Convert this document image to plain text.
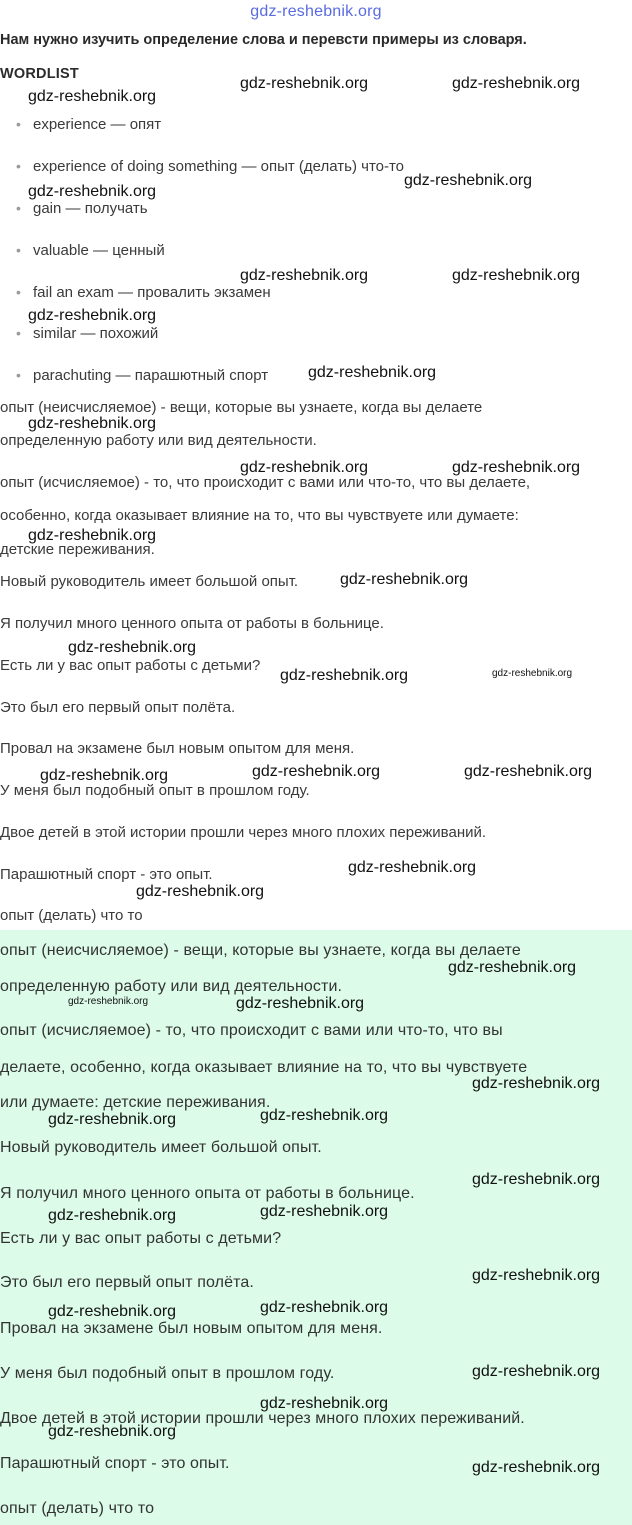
gdz-reshebnik.org
Нам нужно изучить определение слова и перевсти примеры из словаря.
WORDLIST
• experience — опят
• experience of doing something — опыт (делать) что-то
• gain — получать
• valuable — ценный
• fail an exam — провалить экзамен
• similar — похожий
• parachuting — парашютный спорт
опыт (неисчисляемое) - вещи, которые вы узнаете, когда вы делаете
определенную работу или вид деятельности.
опыт (исчисляемое) - то, что происходит с вами или что-то, что вы делаете,
особенно, когда оказывает влияние на то, что вы чувствуете или думаете:
детские переживания.
Новый руководитель имеет большой опыт.
Я получил много ценного опыта от работы в больнице.
Есть ли у вас опыт работы с детьми?
Это был его первый опыт полёта.
Провал на экзамене был новым опытом для меня.
У меня был подобный опыт в прошлом году.
Двое детей в этой истории прошли через много плохих переживаний.
Парашютный спорт - это опыт.
опыт (делать) что то
опыт (неисчисляемое) - вещи, которые вы узнаете, когда вы делаете
определенную работу или вид деятельности.
опыт (исчисляемое) - то, что происходит с вами или что-то, что вы
делаете, особенно, когда оказывает влияние на то, что вы чувствуете
или думаете: детские переживания.
Новый руководитель имеет большой опыт.
Я получил много ценного опыта от работы в больнице.
Есть ли у вас опыт работы с детьми?
Это был его первый опыт полёта.
Провал на экзамене был новым опытом для меня.
У меня был подобный опыт в прошлом году.
Двое детей в этой истории прошли через много плохих переживаний.
Парашютный спорт - это опыт.
опыт (делать) что то
gdz-reshebnik.org	gdz-reshebnik.org
gdz-reshebnik.org
gdz-reshebnik.org
gdz-reshebnik.org
gdz-reshebnik.org	gdz-reshebnik.org
gdz-reshebnik.org
gdz-reshebnik.org
gdz-reshebnik.org
gdz-reshebnik.org	gdz-reshebnik.org
gdz-reshebnik.org
gdz-reshebnik.org
gdz-reshebnik.org
gdz-reshebnik.org	gdz-reshebnik.org
gdz-reshebnik.org	gdz-reshebnik.org	gdz-reshebnik.org
gdz-reshebnik.org
gdz-reshebnik.org
gdz-reshebnik.org
gdz-reshebnik.org	gdz-reshebnik.org
gdz-reshebnik.org
gdz-reshebnik.org	gdz-reshebnik.org
gdz-reshebnik.org
gdz-reshebnik.org	gdz-reshebnik.org
gdz-reshebnik.org
gdz-reshebnik.org	gdz-reshebnik.org
gdz-reshebnik.org
gdz-reshebnik.org
gdz-reshebnik.org
gdz-reshebnik.org
